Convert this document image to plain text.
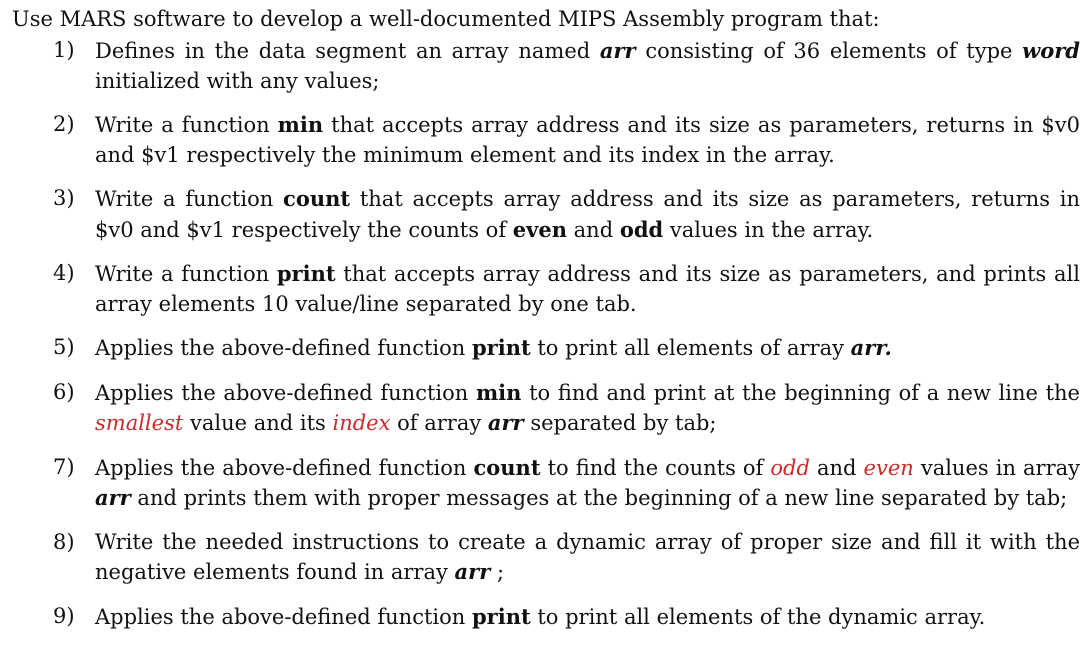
Use MARS software to develop a well-documented MIPS Assembly program that:

1) Defines in the data segment an array named arr consisting of 36 elements of type word initialized with any values;
2) Write a function min that accepts array address and its size as parameters, returns in $v0 and $v1 respectively the minimum element and its index in the array.
3) Write a function count that accepts array address and its size as parameters, returns in $v0 and $v1 respectively the counts of even and odd values in the array.
4) Write a function print that accepts array address and its size as parameters, and prints all array elements 10 value/line separated by one tab.
5) Applies the above-defined function print to print all elements of array arr.
6) Applies the above-defined function min to find and print at the beginning of a new line the smallest value and its index of array arr separated by tab;
7) Applies the above-defined function count to find the counts of odd and even values in array arr and prints them with proper messages at the beginning of a new line separated by tab;
8) Write the needed instructions to create a dynamic array of proper size and fill it with the negative elements found in array arr ;
9) Applies the above-defined function print to print all elements of the dynamic array.
